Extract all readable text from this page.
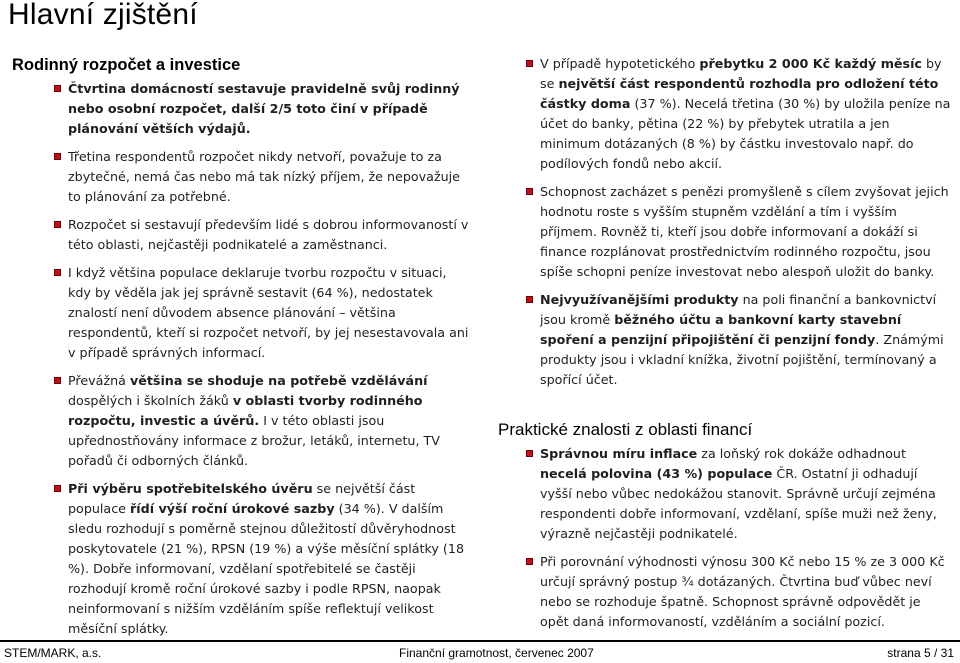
Hlavní zjištění
Rodinný rozpočet a investice
Čtvrtina domácností sestavuje pravidelně svůj rodinný nebo osobní rozpočet, další 2/5 toto činí v případě plánování větších výdajů.
Třetina respondentů rozpočet nikdy netvoří, považuje to za zbytečné, nemá čas nebo má tak nízký příjem, že nepovažuje to plánování za potřebné.
Rozpočet si sestavují především lidé s dobrou informovaností v této oblasti, nejčastěji podnikatelé a zaměstnanci.
I když většina populace deklaruje tvorbu rozpočtu v situaci, kdy by věděla jak jej správně sestavit (64 %), nedostatek znalostí není důvodem absence plánování – většina respondentů, kteří si rozpočet netvoří, by jej nesestavovala ani v případě správných informací.
Převážná většina se shoduje na potřebě vzdělávání dospělých i školních žáků v oblasti tvorby rodinného rozpočtu, investic a úvěrů. I v této oblasti jsou upřednostňovány informace z brožur, letáků, internetu, TV pořadů či odborných článků.
Při výběru spotřebitelského úvěru se největší část populace řídí výší roční úrokové sazby (34 %). V dalším sledu rozhodují s poměrně stejnou důležitostí důvěryhodnost poskytovatele (21 %), RPSN (19 %) a výše měsíční splátky (18 %). Dobře informovaní, vzdělaní spotřebitelé se častěji rozhodují kromě roční úrokové sazby i podle RPSN, naopak neinformovaní s nižším vzděláním spíše reflektují velikost měsíční splátky.
V případě hypotetického přebytku 2 000 Kč každý měsíc by se největší část respondentů rozhodla pro odložení této částky doma (37 %). Necelá třetina (30 %) by uložila peníze na účet do banky, pětina (22 %) by přebytek utratila a jen minimum dotázaných (8 %) by částku investovalo např. do podílových fondů nebo akcií.
Schopnost zacházet s penězi promyšleně s cílem zvyšovat jejich hodnotu roste s vyšším stupněm vzdělání a tím i vyšším příjmem. Rovněž ti, kteří jsou dobře informovaní a dokáží si finance rozplánovat prostřednictvím rodinného rozpočtu, jsou spíše schopni peníze investovat nebo alespoň uložit do banky.
Nejvyužívanějšími produkty na poli finanční a bankovnictví jsou kromě běžného účtu a bankovní karty stavební spoření a penzijní připojištění či penzijní fondy. Známými produkty jsou i vkladní knížka, životní pojištění, termínovaný a spořící účet.
Praktické znalosti z oblasti financí
Správnou míru inflace za loňský rok dokáže odhadnout necelá polovina (43 %) populace ČR. Ostatní ji odhadují vyšší nebo vůbec nedokážou stanovit. Správně určují zejména respondenti dobře informovaní, vzdělaní, spíše muži než ženy, výrazně nejčastěji podnikatelé.
Při porovnání výhodnosti výnosu 300 Kč nebo 15 % ze 3 000 Kč určují správný postup ¾ dotázaných. Čtvrtina buď vůbec neví nebo se rozhoduje špatně. Schopnost správně odpovědět je opět daná informovaností, vzděláním a sociální pozicí.
STEM/MARK, a.s.	Finanční gramotnost, červenec 2007	strana 5 / 31
